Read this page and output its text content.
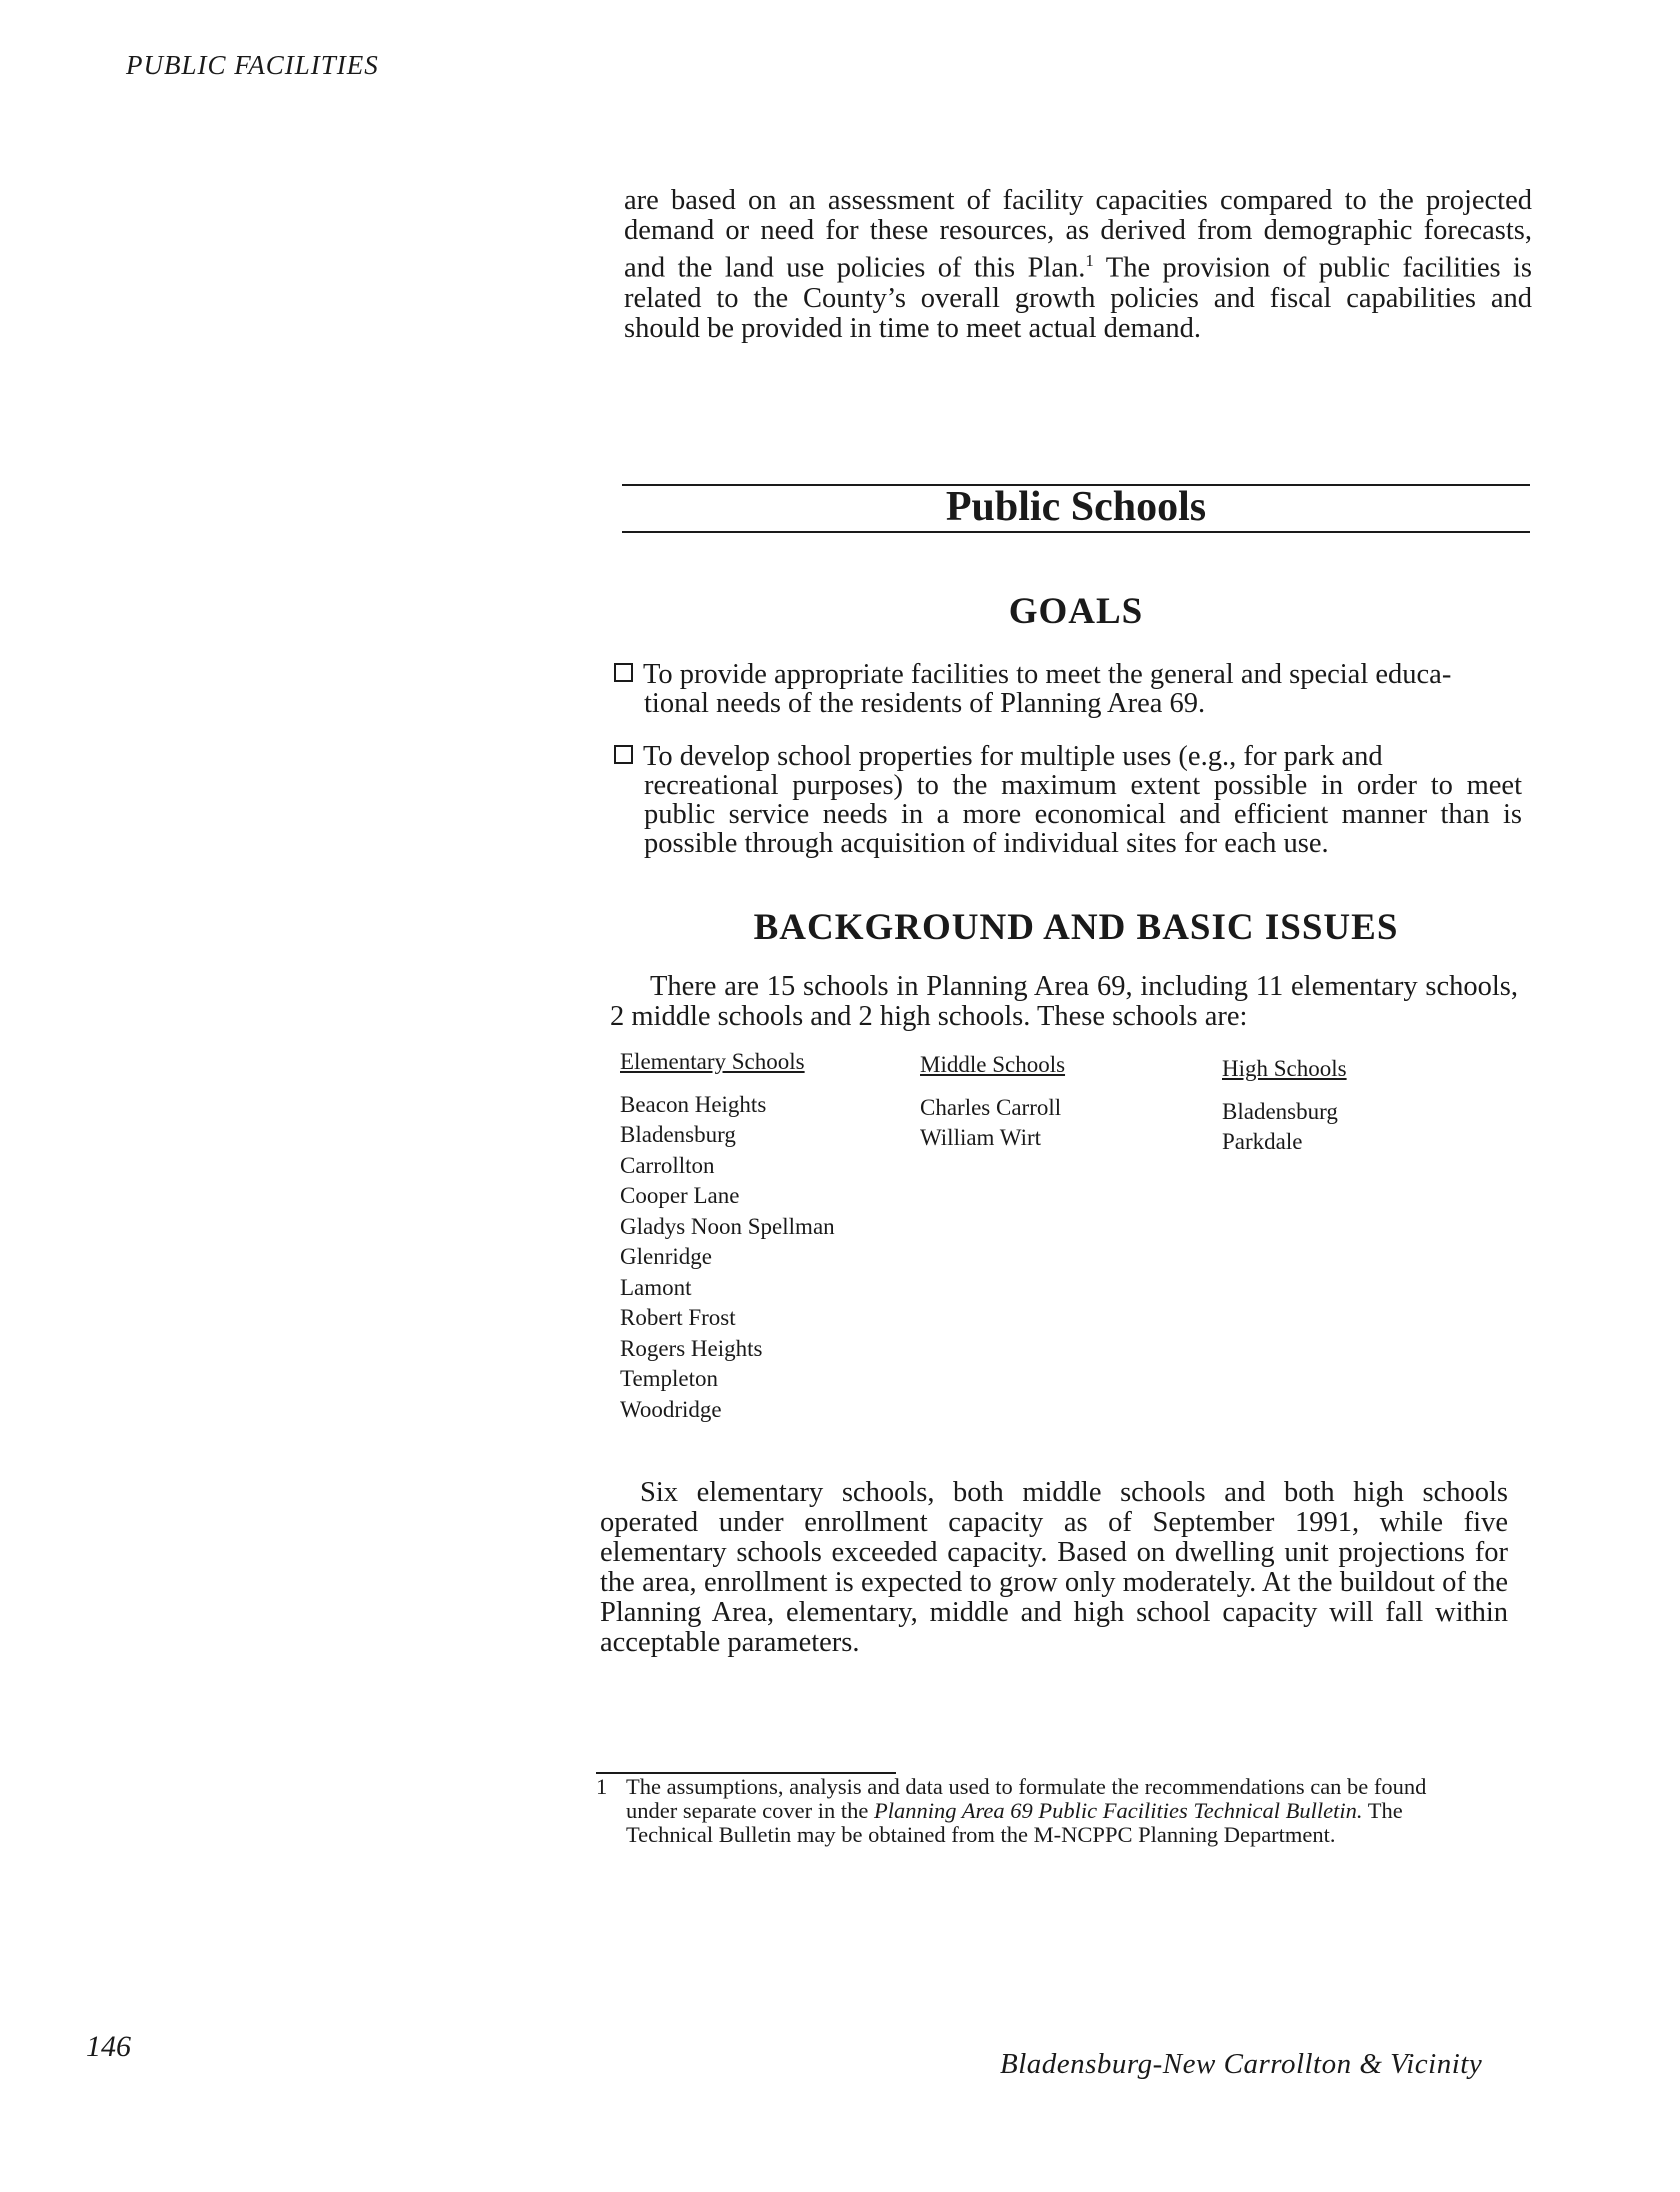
PUBLIC FACILITIES
are based on an assessment of facility capacities compared to the projected demand or need for these resources, as derived from demographic forecasts, and the land use policies of this Plan.$^1$ The provision of public facilities is related to the County’s overall growth policies and fiscal capabilities and should be provided in time to meet actual demand.
Public Schools
GOALS
To provide appropriate facilities to meet the general and special educa-
tional needs of the residents of Planning Area 69.
To develop school properties for multiple uses (e.g., for park and
recreational purposes) to the maximum extent possible in order to meet public service needs in a more economical and efficient manner than is possible through acquisition of individual sites for each use.
BACKGROUND AND BASIC ISSUES
There are 15 schools in Planning Area 69, including 11 elementary schools, 2 middle schools and 2 high schools. These schools are:
Elementary Schools
Beacon Heights
Bladensburg
Carrollton
Cooper Lane
Gladys Noon Spellman
Glenridge
Lamont
Robert Frost
Rogers Heights
Templeton
Woodridge
Middle Schools
Charles Carroll
William Wirt
High Schools
Bladensburg
Parkdale
Six elementary schools, both middle schools and both high schools operated under enrollment capacity as of September 1991, while five elementary schools exceeded capacity. Based on dwelling unit projections for the area, enrollment is expected to grow only moderately. At the buildout of the Planning Area, elementary, middle and high school capacity will fall within acceptable parameters.
1 The assumptions, analysis and data used to formulate the recommendations can be found under separate cover in the Planning Area 69 Public Facilities Technical Bulletin. The Technical Bulletin may be obtained from the M-NCPPC Planning Department.
146
Bladensburg-New Carrollton & Vicinity
